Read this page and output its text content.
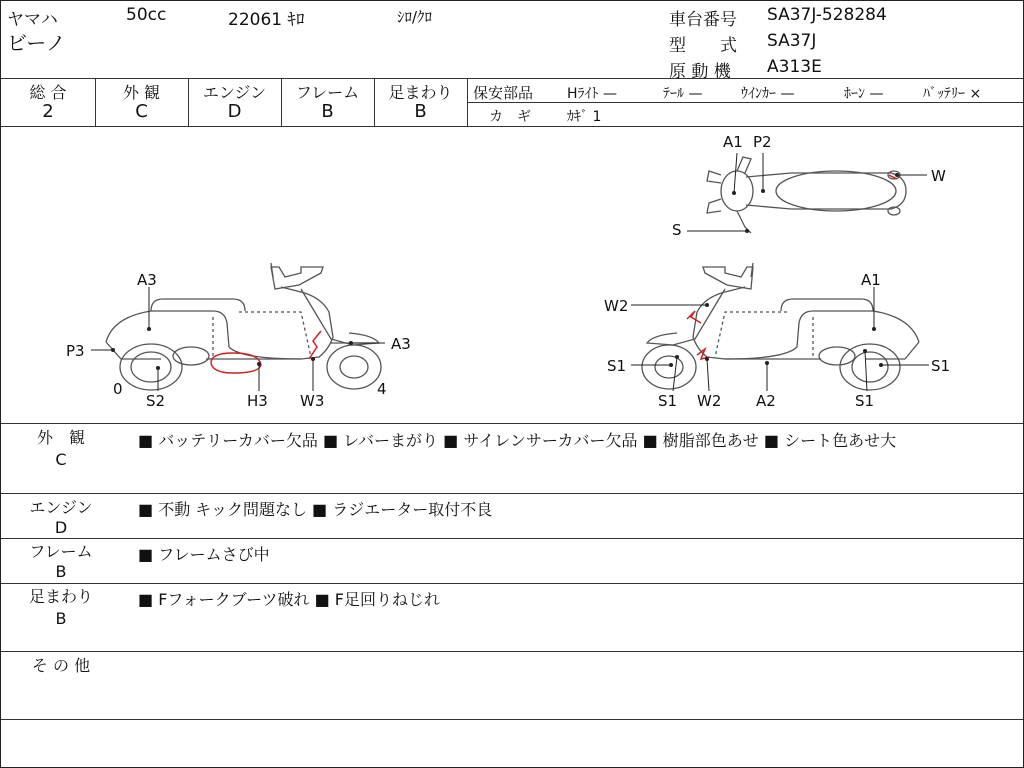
ヤマハ	50cc	22061 ｷﾛ	ｼﾛ/ｸﾛ
ビーノ
車台番号 SA37J-528284
型　　式 SA37J
原 動 機 A313E
総 合
2
外 観
C
エンジン
D
フレーム
B
足まわり
B
保安部品 Hﾗｲﾄ —	ﾃｰﾙ —	ｳｲﾝｶｰ —	ﾎｰﾝ —	ﾊﾞｯﾃﾘｰ ×
カ　ギ	ｶｷﾞ 1
A1 P2
W
S
A3
P3	A3
0
S2	H3 W3
4
A1
W2
S1	S1
S1 W2 A2	S1
外　観
C
■ バッテリーカバー欠品 ■ レバーまがり ■ サイレンサーカバー欠品 ■ 樹脂部色あせ ■ シート色あせ大
エンジン
D
■ 不動 キック問題なし ■ ラジエーター取付不良
フレーム
B
■ フレームさび中
足まわり
B
■ Fフォークブーツ破れ ■ F足回りねじれ
そ の 他
